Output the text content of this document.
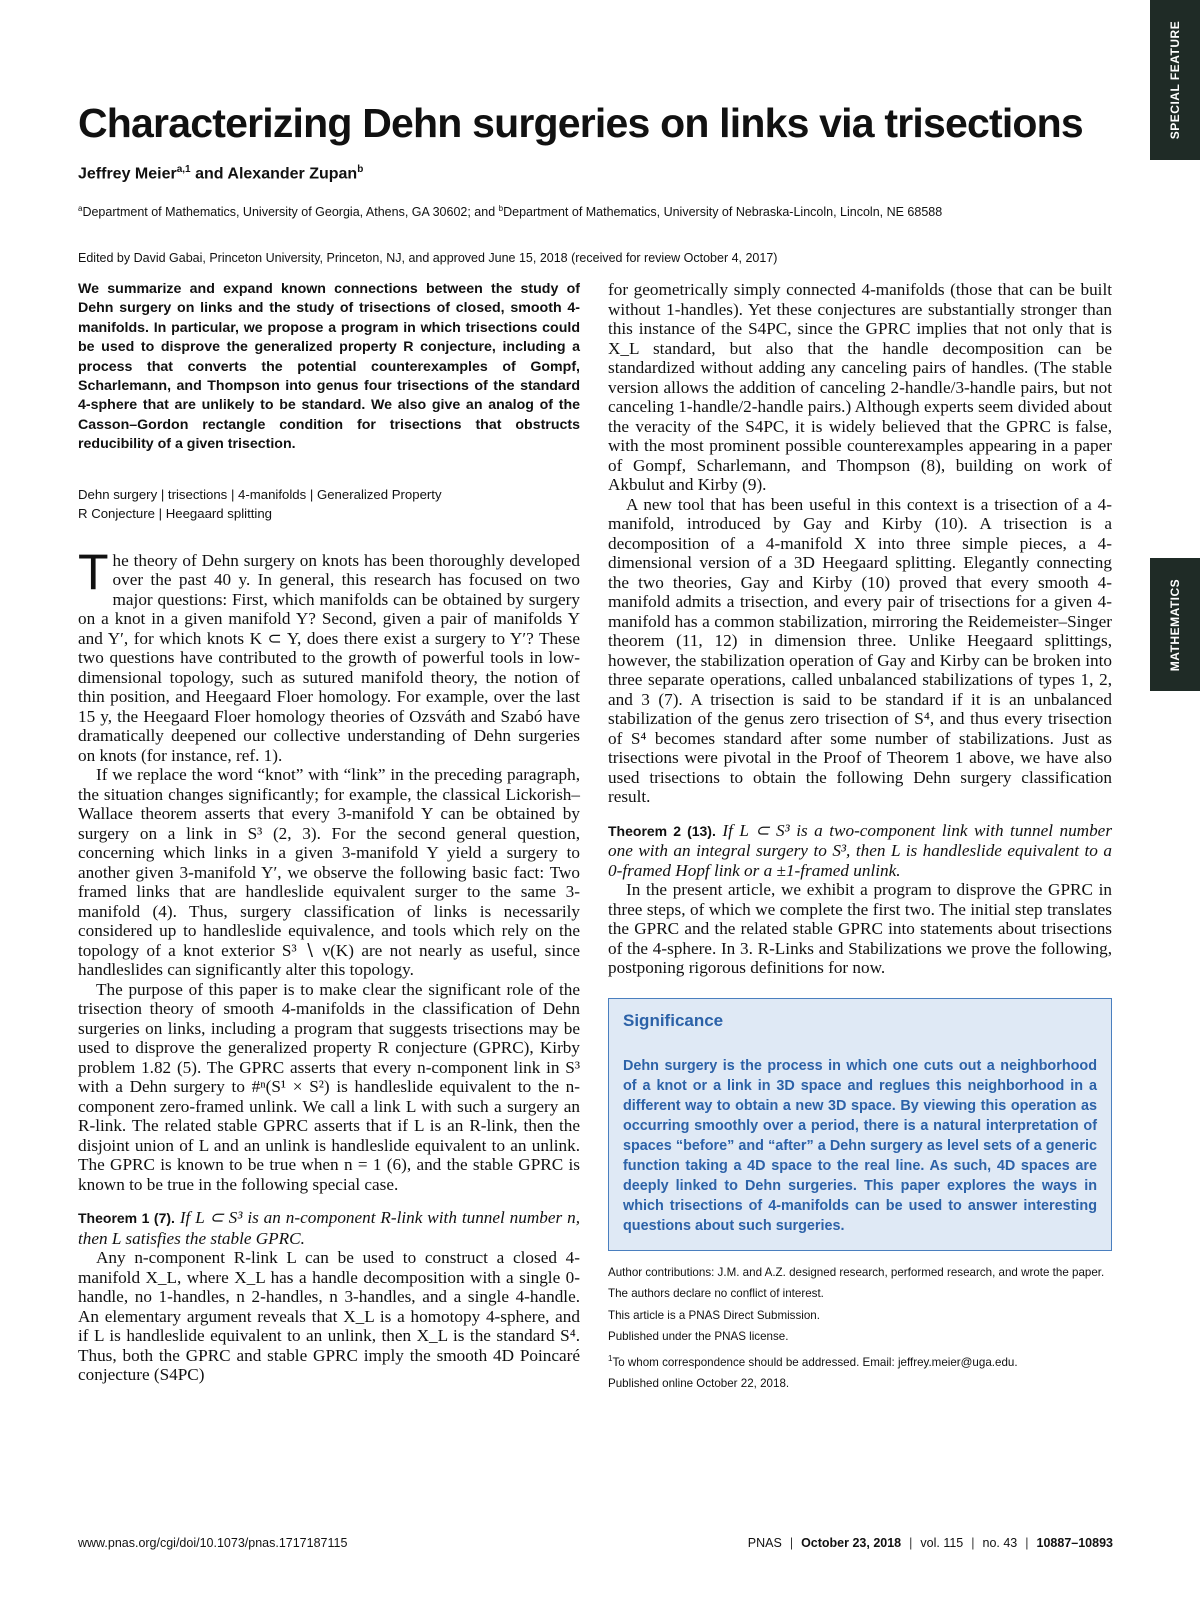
SPECIAL FEATURE
MATHEMATICS
Characterizing Dehn surgeries on links via trisections
Jeffrey Meier$^{a,1}$ and Alexander Zupan$^b$
$^a$Department of Mathematics, University of Georgia, Athens, GA 30602; and $^b$Department of Mathematics, University of Nebraska-Lincoln, Lincoln, NE 68588
Edited by David Gabai, Princeton University, Princeton, NJ, and approved June 15, 2018 (received for review October 4, 2017)

We summarize and expand known connections between the study of Dehn surgery on links and the study of trisections of closed, smooth 4-manifolds. In particular, we propose a program in which trisections could be used to disprove the generalized property R conjecture, including a process that converts the potential counterexamples of Gompf, Scharlemann, and Thompson into genus four trisections of the standard 4-sphere that are unlikely to be standard. We also give an analog of the Casson–Gordon rectangle condition for trisections that obstructs reducibility of a given trisection.

Dehn surgery | trisections | 4-manifolds | Generalized Property
R Conjecture | Heegaard splitting

The theory of Dehn surgery on knots has been thoroughly developed over the past 40 y. In general, this research has focused on two major questions: First, which manifolds can be obtained by surgery on a knot in a given manifold Y? Second, given a pair of manifolds Y and Y′, for which knots K ⊂ Y, does there exist a surgery to Y′? These two questions have contributed to the growth of powerful tools in low-dimensional topology, such as sutured manifold theory, the notion of thin position, and Heegaard Floer homology. For example, over the last 15 y, the Heegaard Floer homology theories of Ozsváth and Szabó have dramatically deepened our collective understanding of Dehn surgeries on knots (for instance, ref. 1).

If we replace the word “knot” with “link” in the preceding paragraph, the situation changes significantly; for example, the classical Lickorish–Wallace theorem asserts that every 3-manifold Y can be obtained by surgery on a link in S³ (2, 3). For the second general question, concerning which links in a given 3-manifold Y yield a surgery to another given 3-manifold Y′, we observe the following basic fact: Two framed links that are handleslide equivalent surger to the same 3-manifold (4). Thus, surgery classification of links is necessarily considered up to handleslide equivalence, and tools which rely on the topology of a knot exterior S³ ∖ ν(K) are not nearly as useful, since handleslides can significantly alter this topology.

The purpose of this paper is to make clear the significant role of the trisection theory of smooth 4-manifolds in the classification of Dehn surgeries on links, including a program that suggests trisections may be used to disprove the generalized property R conjecture (GPRC), Kirby problem 1.82 (5). The GPRC asserts that every n-component link in S³ with a Dehn surgery to #ⁿ(S¹ × S²) is handleslide equivalent to the n-component zero-framed unlink. We call a link L with such a surgery an R-link. The related stable GPRC asserts that if L is an R-link, then the disjoint union of L and an unlink is handleslide equivalent to an unlink. The GPRC is known to be true when n = 1 (6), and the stable GPRC is known to be true in the following special case.

Theorem 1 (7). If L ⊂ S³ is an n-component R-link with tunnel number n, then L satisfies the stable GPRC.

Any n-component R-link L can be used to construct a closed 4-manifold X_L, where X_L has a handle decomposition with a single 0-handle, no 1-handles, n 2-handles, n 3-handles, and a single 4-handle. An elementary argument reveals that X_L is a homotopy 4-sphere, and if L is handleslide equivalent to an unlink, then X_L is the standard S⁴. Thus, both the GPRC and stable GPRC imply the smooth 4D Poincaré conjecture (S4PC)

for geometrically simply connected 4-manifolds (those that can be built without 1-handles). Yet these conjectures are substantially stronger than this instance of the S4PC, since the GPRC implies that not only that is X_L standard, but also that the handle decomposition can be standardized without adding any canceling pairs of handles. (The stable version allows the addition of canceling 2-handle/3-handle pairs, but not canceling 1-handle/2-handle pairs.) Although experts seem divided about the veracity of the S4PC, it is widely believed that the GPRC is false, with the most prominent possible counterexamples appearing in a paper of Gompf, Scharlemann, and Thompson (8), building on work of Akbulut and Kirby (9).

A new tool that has been useful in this context is a trisection of a 4-manifold, introduced by Gay and Kirby (10). A trisection is a decomposition of a 4-manifold X into three simple pieces, a 4-dimensional version of a 3D Heegaard splitting. Elegantly connecting the two theories, Gay and Kirby (10) proved that every smooth 4-manifold admits a trisection, and every pair of trisections for a given 4-manifold has a common stabilization, mirroring the Reidemeister–Singer theorem (11, 12) in dimension three. Unlike Heegaard splittings, however, the stabilization operation of Gay and Kirby can be broken into three separate operations, called unbalanced stabilizations of types 1, 2, and 3 (7). A trisection is said to be standard if it is an unbalanced stabilization of the genus zero trisection of S⁴, and thus every trisection of S⁴ becomes standard after some number of stabilizations. Just as trisections were pivotal in the Proof of Theorem 1 above, we have also used trisections to obtain the following Dehn surgery classification result.

Theorem 2 (13). If L ⊂ S³ is a two-component link with tunnel number one with an integral surgery to S³, then L is handleslide equivalent to a 0-framed Hopf link or a ±1-framed unlink.

In the present article, we exhibit a program to disprove the GPRC in three steps, of which we complete the first two. The initial step translates the GPRC and the related stable GPRC into statements about trisections of the 4-sphere. In 3. R-Links and Stabilizations we prove the following, postponing rigorous definitions for now.

Significance

Dehn surgery is the process in which one cuts out a neighborhood of a knot or a link in 3D space and reglues this neighborhood in a different way to obtain a new 3D space. By viewing this operation as occurring smoothly over a period, there is a natural interpretation of spaces “before” and “after” a Dehn surgery as level sets of a generic function taking a 4D space to the real line. As such, 4D spaces are deeply linked to Dehn surgeries. This paper explores the ways in which trisections of 4-manifolds can be used to answer interesting questions about such surgeries.

Author contributions: J.M. and A.Z. designed research, performed research, and wrote the paper.

The authors declare no conflict of interest.

This article is a PNAS Direct Submission.

Published under the PNAS license.

$^1$To whom correspondence should be addressed. Email: jeffrey.meier@uga.edu.

Published online October 22, 2018.

www.pnas.org/cgi/doi/10.1073/pnas.1717187115	PNAS | October 23, 2018 | vol. 115 | no. 43 | 10887–10893
